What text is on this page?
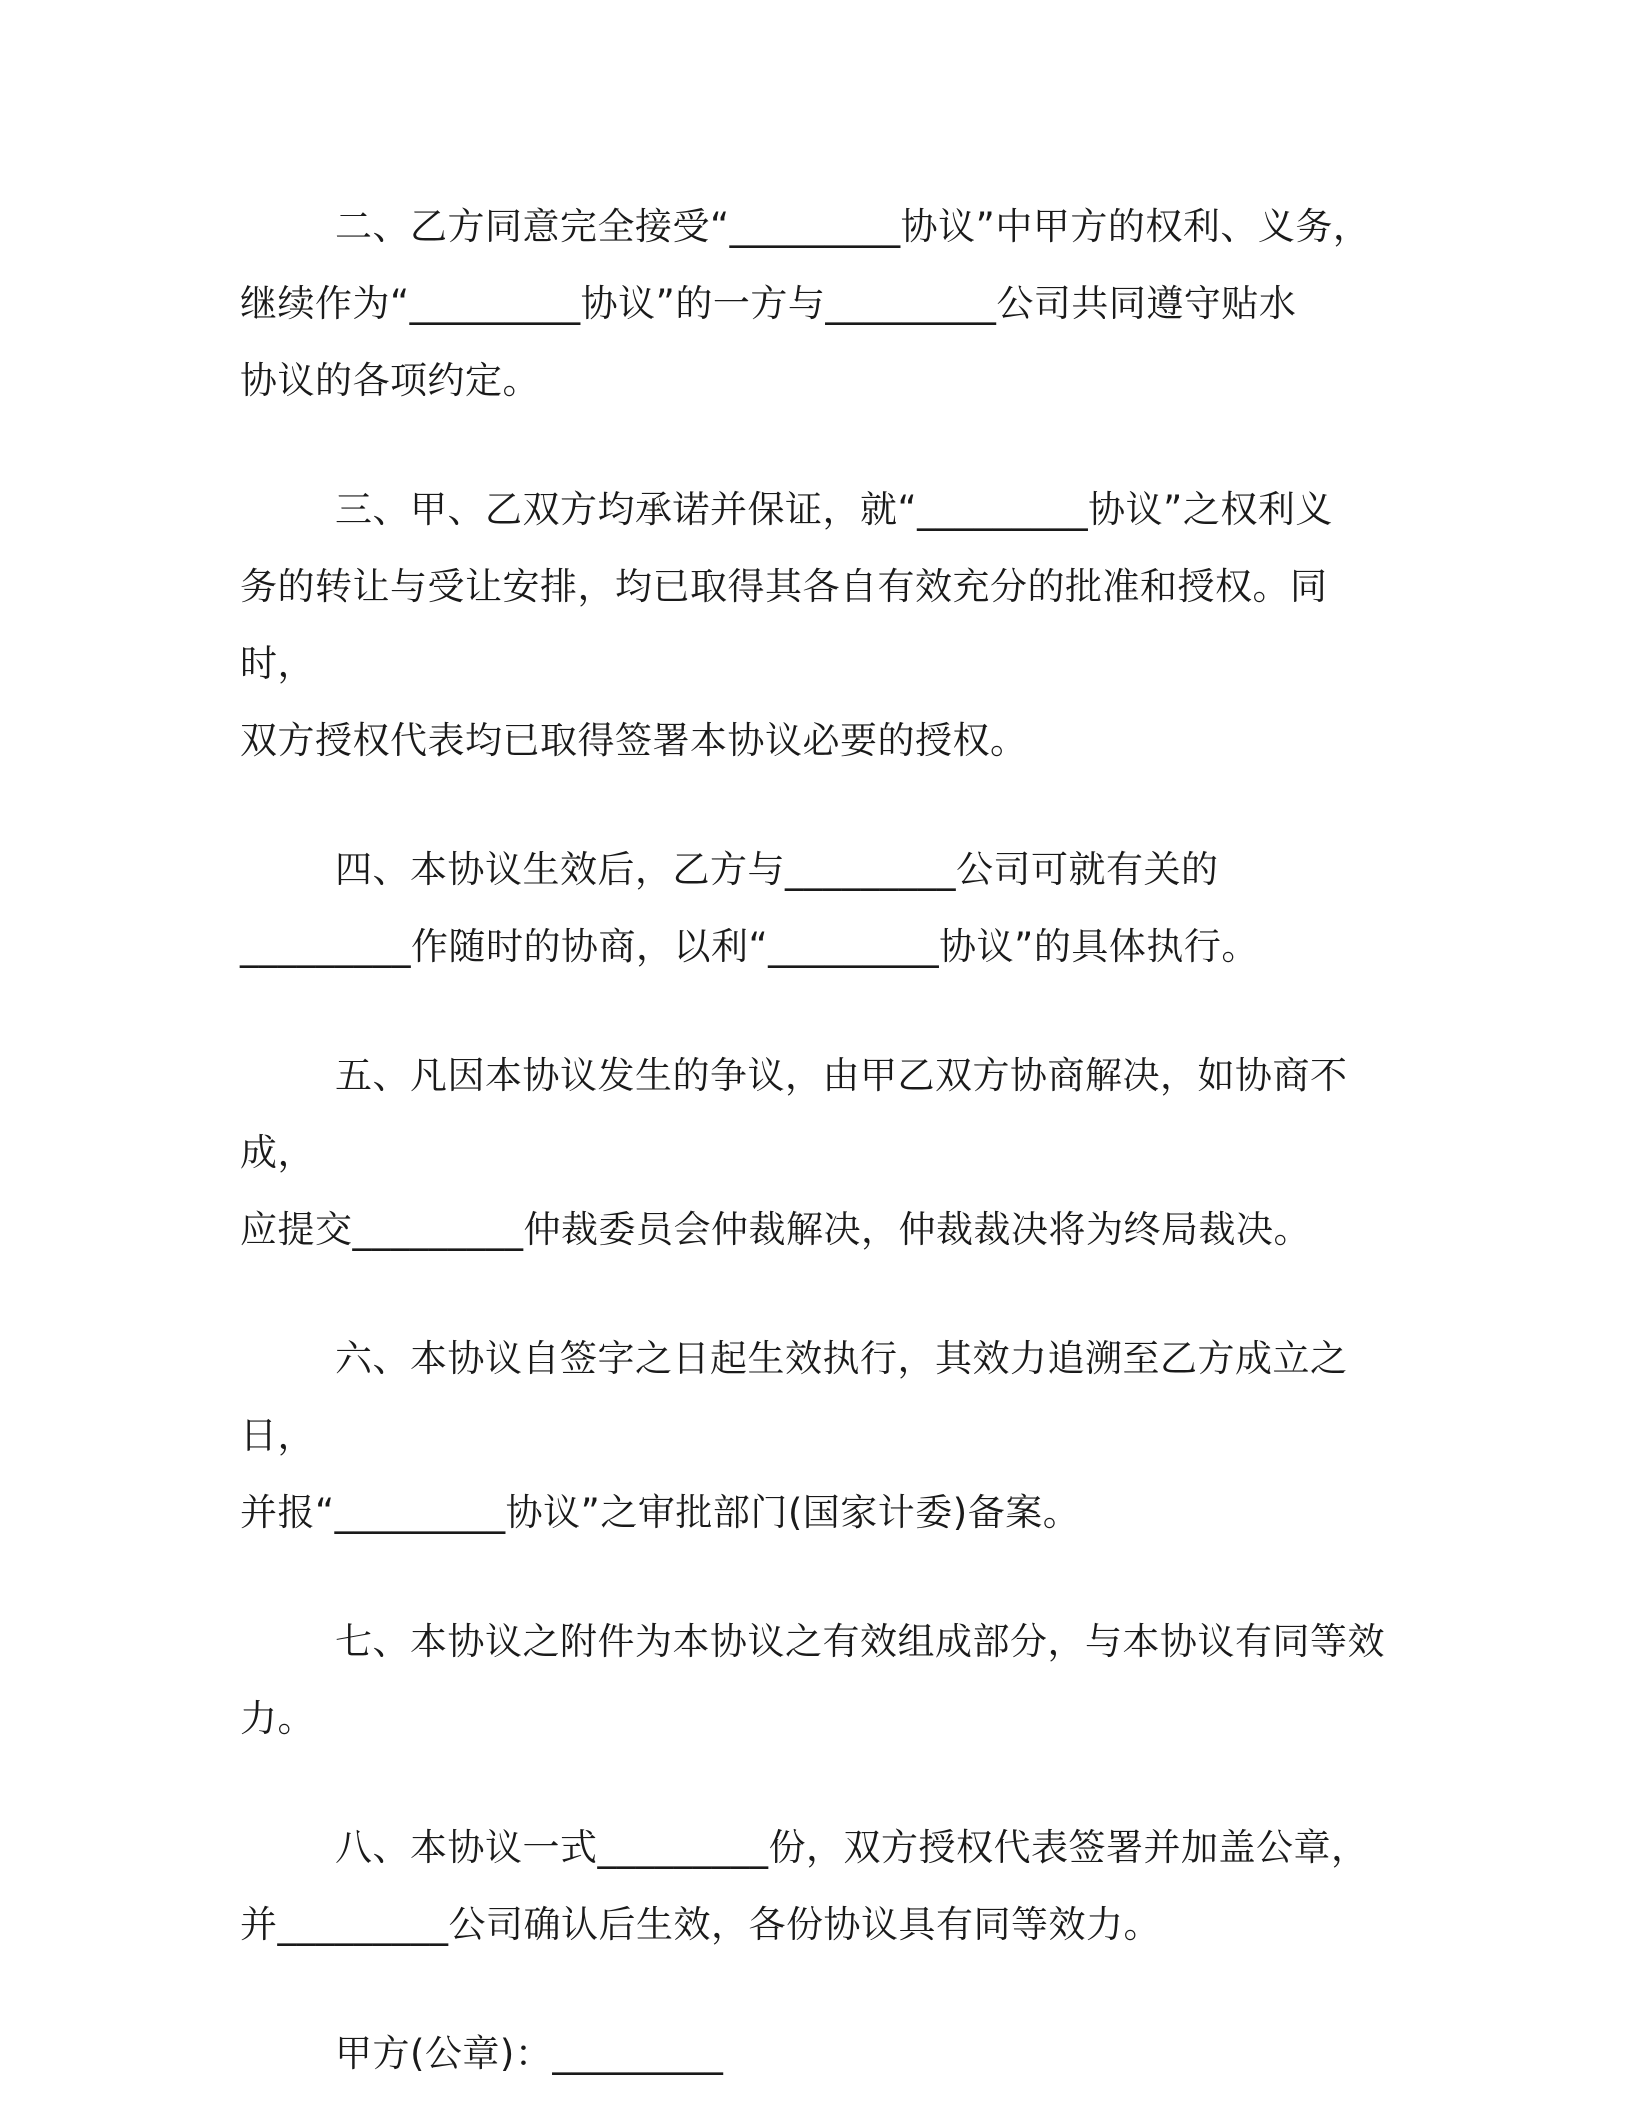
二、乙方同意完全接受“_________协议”中甲方的权利、义务，
继续作为“_________协议”的一方与_________公司共同遵守贴水
协议的各项约定。

三、甲、乙双方均承诺并保证，就“_________协议”之权利义
务的转让与受让安排，均已取得其各自有效充分的批准和授权。同时，
双方授权代表均已取得签署本协议必要的授权。

四、本协议生效后，乙方与_________公司可就有关的
_________作随时的协商，以利“_________协议”的具体执行。

五、凡因本协议发生的争议，由甲乙双方协商解决，如协商不成，
应提交_________仲裁委员会仲裁解决，仲裁裁决将为终局裁决。

六、本协议自签字之日起生效执行，其效力追溯至乙方成立之日，
并报“_________协议”之审批部门(国家计委)备案。

七、本协议之附件为本协议之有效组成部分，与本协议有同等效
力。

八、本协议一式_________份，双方授权代表签署并加盖公章，
并_________公司确认后生效，各份协议具有同等效力。

甲方(公章)：_________
